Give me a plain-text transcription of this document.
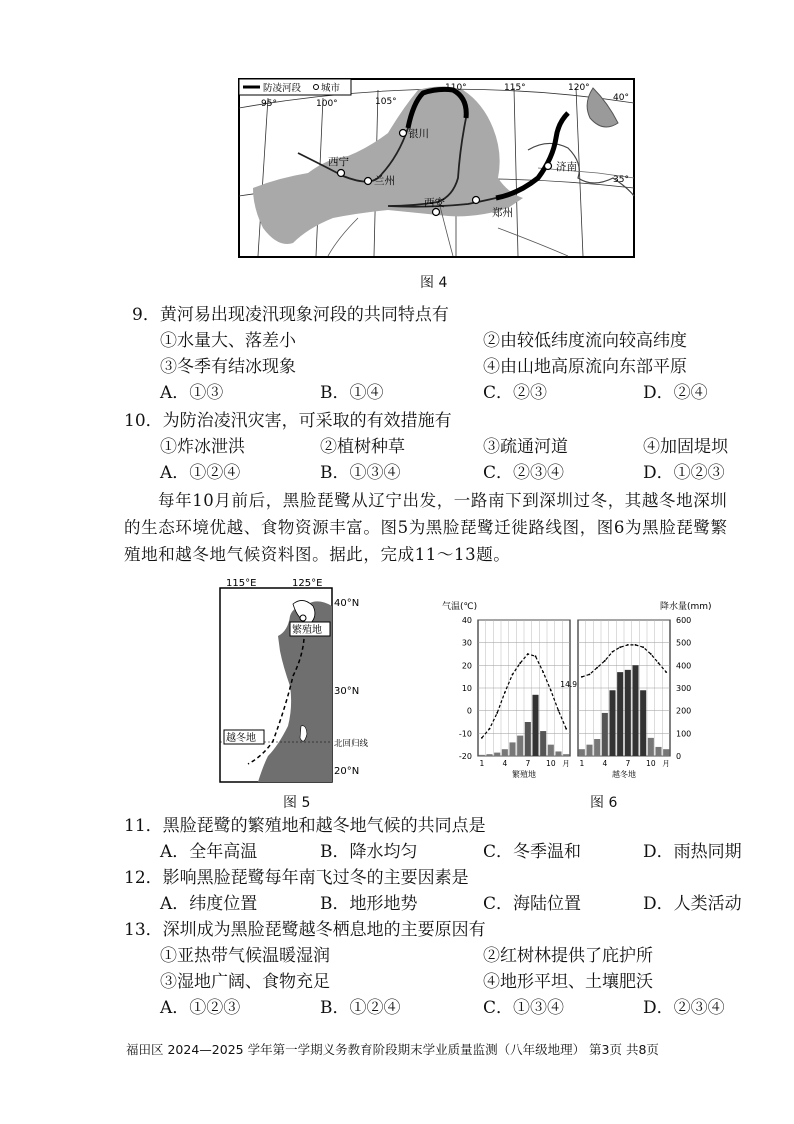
银川
西宁
兰州
西安
郑州
济南
防凌河段 城市
95°	100°	105°
110°	115°	120°
40°
35°
图 4
9．黄河易出现凌汛现象河段的共同特点有
①水量大、落差小	②由较低纬度流向较高纬度
③冬季有结冰现象	④由山地高原流向东部平原
A．①③	B．①④	C．②③	D．②④
10．为防治凌汛灾害，可采取的有效措施有
①炸冰泄洪	②植树种草	③疏通河道	④加固堤坝
A．①②④	B．①③④	C．②③④	D．①②③
每年10月前后，黑脸琵鹭从辽宁出发，一路南下到深圳过冬，其越冬地深圳的生态环境优越、食物资源丰富。图5为黑脸琵鹭迁徙路线图，图6为黑脸琵鹭繁殖地和越冬地气候资料图。据此，完成11～13题。
繁殖地
越冬地
115°E	125°E
40°N
30°N
20°N
北回归线
图 5
气温(℃)	降水量(mm)
40
30
20
10
0
-10
-20
600
500
400
300
200
100
0
1 4 7 10 月
繁殖地
1 4 7 10 月
越冬地
14.9
图 6
11．黑脸琵鹭的繁殖地和越冬地气候的共同点是
A．全年高温	B．降水均匀	C．冬季温和	D．雨热同期
12．影响黑脸琵鹭每年南飞过冬的主要因素是
A．纬度位置	B．地形地势	C．海陆位置	D．人类活动
13．深圳成为黑脸琵鹭越冬栖息地的主要原因有
①亚热带气候温暖湿润	②红树林提供了庇护所
③湿地广阔、食物充足	④地形平坦、土壤肥沃
A．①②③	B．①②④	C．①③④	D．②③④
福田区 2024—2025 学年第一学期义务教育阶段期末学业质量监测（八年级地理） 第3页 共8页
